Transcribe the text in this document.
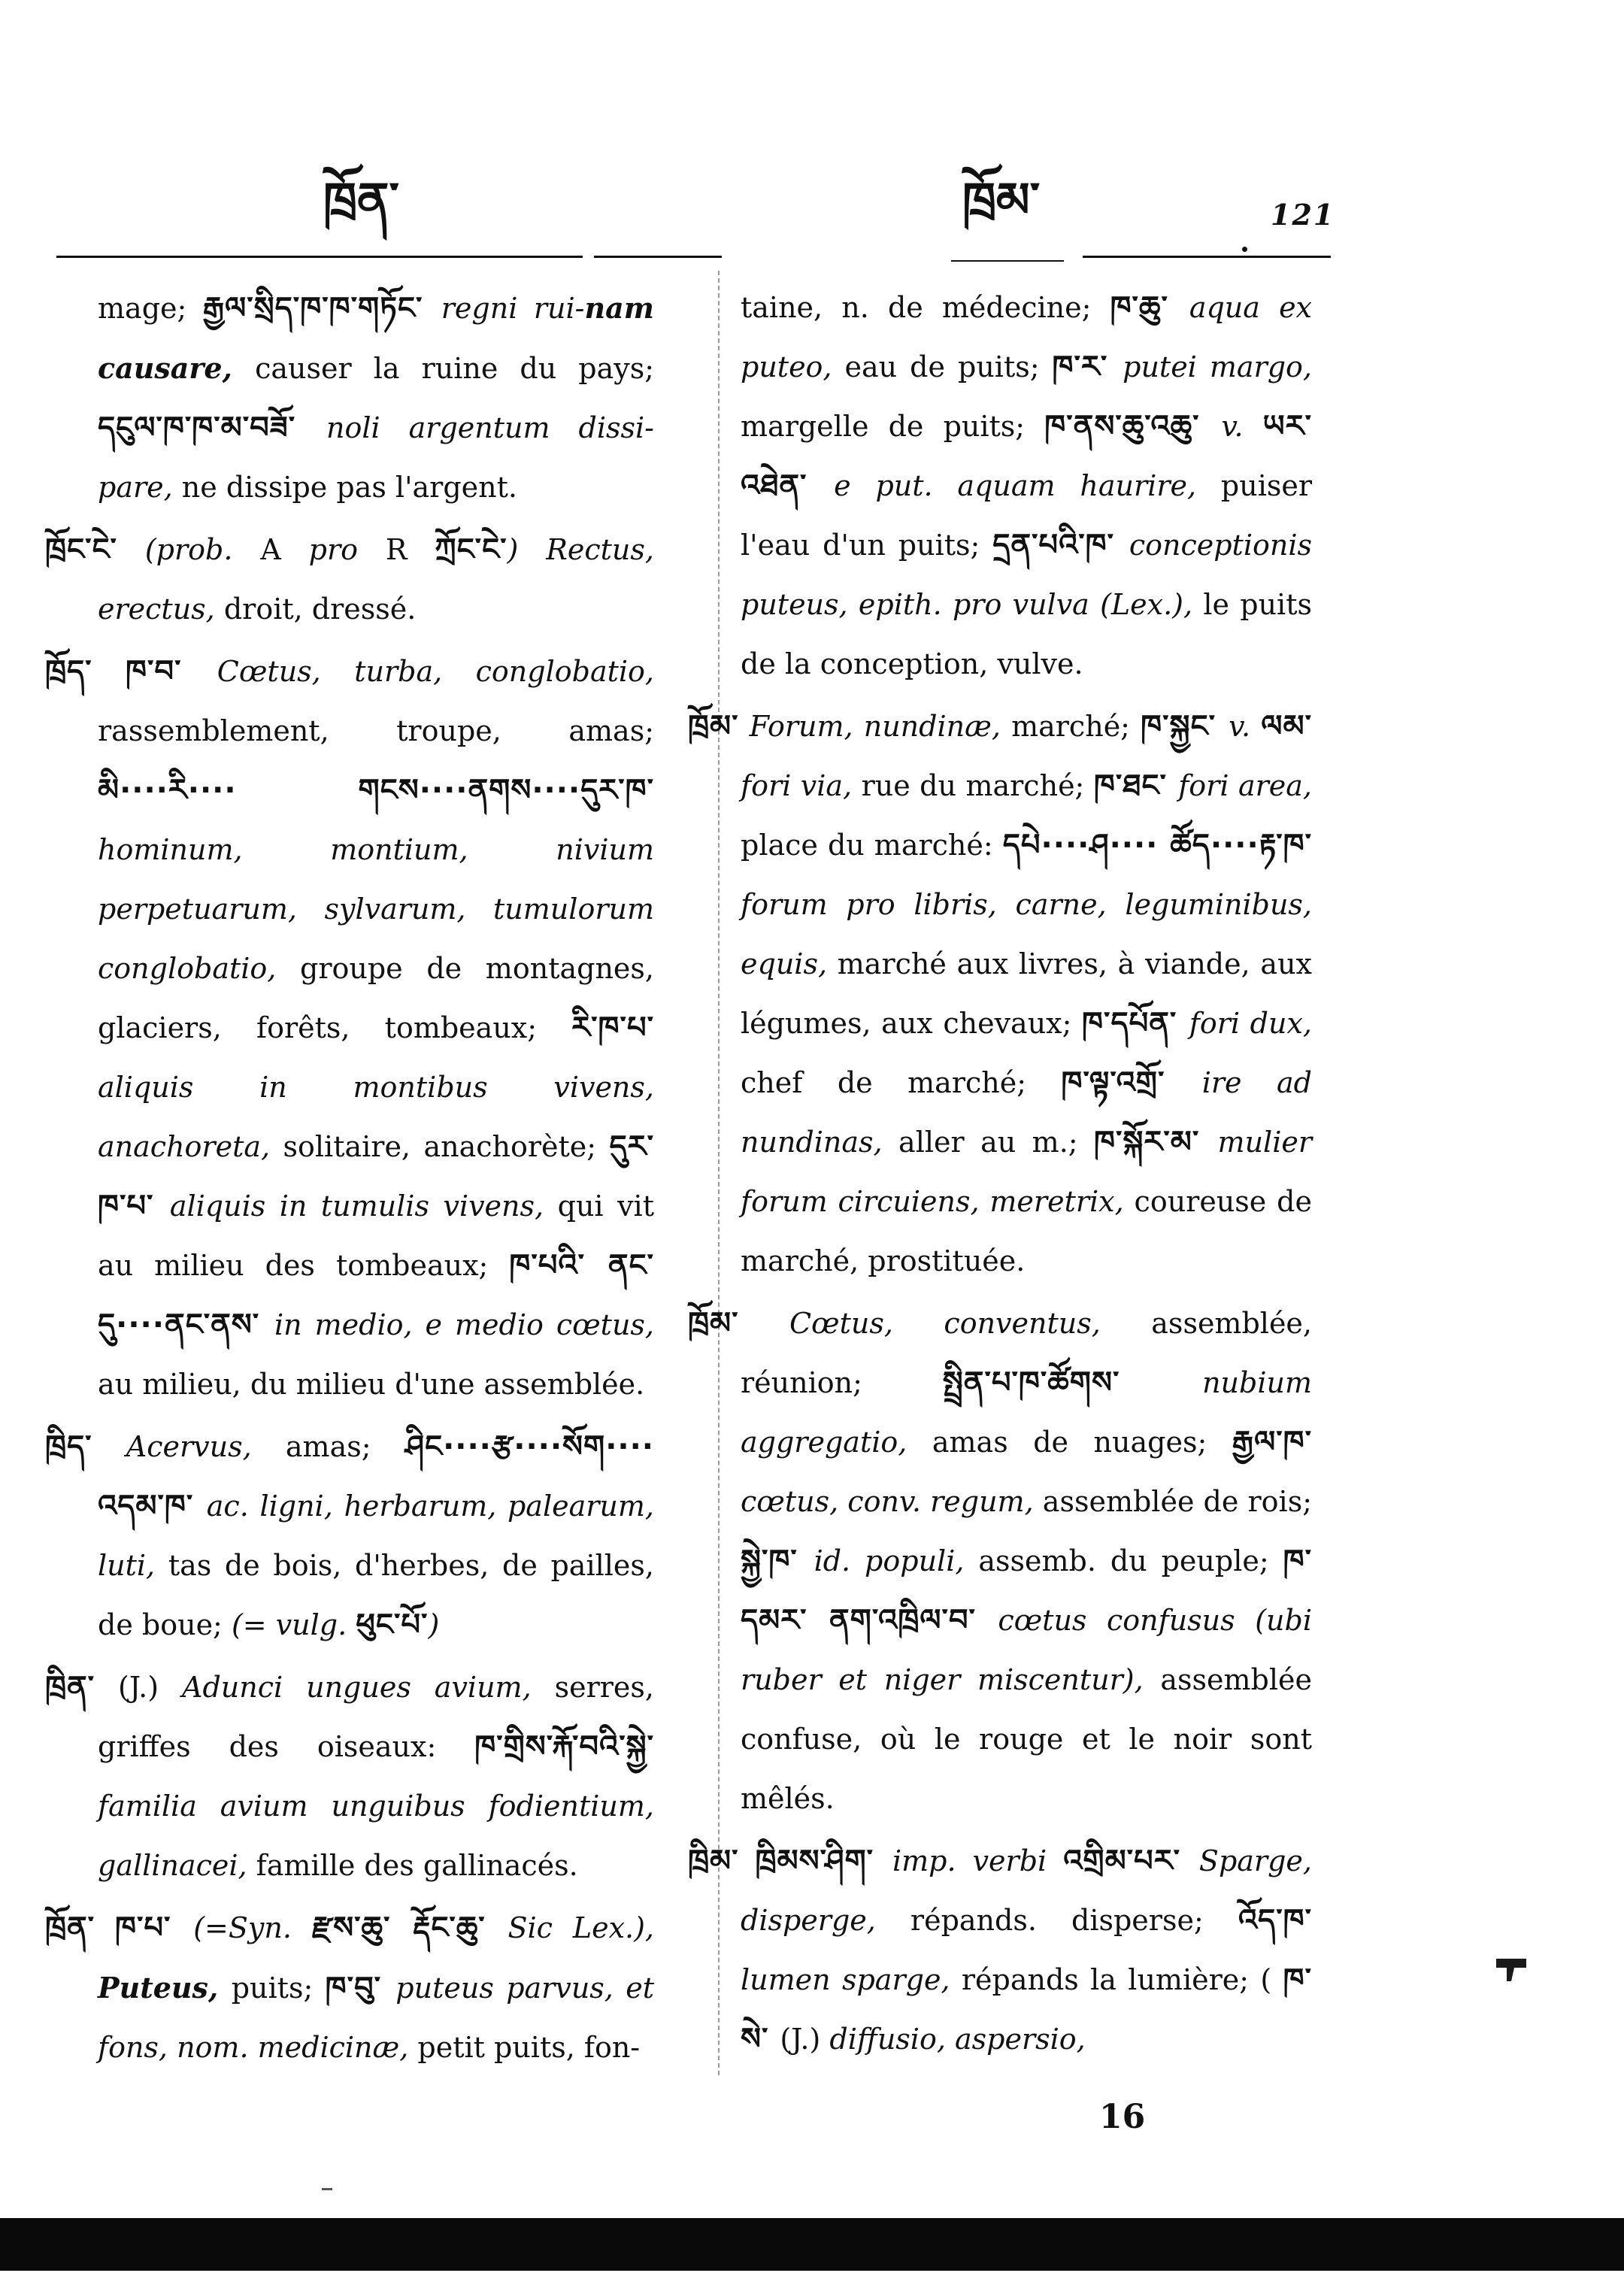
ཁྲོན་	ཁྲོམ་	121

mage; རྒྱལ་སྲིད་ཁ་ཁ་གཏོང་ regni rui-nam causare, causer la ruine du pays; དངུལ་ཁ་ཁ་མ་བཟོ་ noli argentum dissi-pare, ne dissipe pas l'argent.

ཁྲོང་ངེ་ (prob. A pro R ཀྲོང་ངེ་) Rectus, erectus, droit, dressé.

ཁྲོད་ ཁ་བ་ Cœtus, turba, conglobatio, rassemblement, troupe, amas; མི····རི···· གངས····ནགས····དུར་ཁ་ hominum, montium, nivium perpetuarum, sylvarum, tumulorum conglobatio, groupe de montagnes, glaciers, forêts, tombeaux; རི་ཁ་པ་ aliquis in montibus vivens, anachoreta, solitaire, anachorète; དུར་ཁ་པ་ aliquis in tumulis vivens, qui vit au milieu des tombeaux; ཁ་པའི་ ནང་དུ····ནང་ནས་ in medio, e medio cœtus, au milieu, du milieu d'une assemblée.

ཁྲིད་ Acervus, amas; ཤིང····རྩ····སོག···· འདམ་ཁ་ ac. ligni, herbarum, palearum, luti, tas de bois, d'herbes, de pailles, de boue; (= vulg. ཕུང་པོ་)

ཁྲིན་ (J.) Adunci ungues avium, serres, griffes des oiseaux: ཁ་གྲིས་རྐོ་བའི་སྐྱེ་ familia avium unguibus fodientium, gallinacei, famille des gallinacés.

ཁྲོན་ ཁ་པ་ (=Syn. རྫས་ཆུ་ རྡོང་ཆུ་ Sic Lex.), Puteus, puits; ཁ་བུ་ puteus parvus, et fons, nom. medicinæ, petit puits, fon-

taine, n. de médecine; ཁ་ཆུ་ aqua ex puteo, eau de puits; ཁ་ར་ putei margo, margelle de puits; ཁ་ནས་ཆུ་འཆུ་ v. ཡར་འཐེན་ e put. aquam haurire, puiser l'eau d'un puits; དྲན་པའི་ཁ་ conceptionis puteus, epith. pro vulva (Lex.), le puits de la conception, vulve.

ཁྲོམ་ Forum, nundinæ, marché; ཁ་སྐྱང་ v. ལམ་ fori via, rue du marché; ཁ་ཐང་ fori area, place du marché: དཔེ····ཤ···· ཚོད····རྟ་ཁ་ forum pro libris, carne, leguminibus, equis, marché aux livres, à viande, aux légumes, aux chevaux; ཁ་དཔོན་ fori dux, chef de marché; ཁ་ལྟ་འགྲོ་ ire ad nundinas, aller au m.; ཁ་སྐོར་མ་ mulier forum circuiens, meretrix, coureuse de marché, prostituée.

ཁྲོམ་ Cœtus, conventus, assemblée, réunion; སྤྲིན་པ་ཁ་ཚོགས་ nubium aggregatio, amas de nuages; རྒྱལ་ཁ་ cœtus, conv. regum, assemblée de rois; སྐྱེ་ཁ་ id. populi, assemb. du peuple; ཁ་དམར་ ནག་འཁྲིལ་བ་ cœtus confusus (ubi ruber et niger miscentur), assemblée confuse, où le rouge et le noir sont mêlés.

ཁྲིམ་ ཁྲིམས་ཤིག་ imp. verbi འགྲིམ་པར་ Sparge, disperge, répands. disperse; འོད་ཁ་ lumen sparge, répands la lumière; ( ཁ་སེ་ (J.) diffusio, aspersio,

16
